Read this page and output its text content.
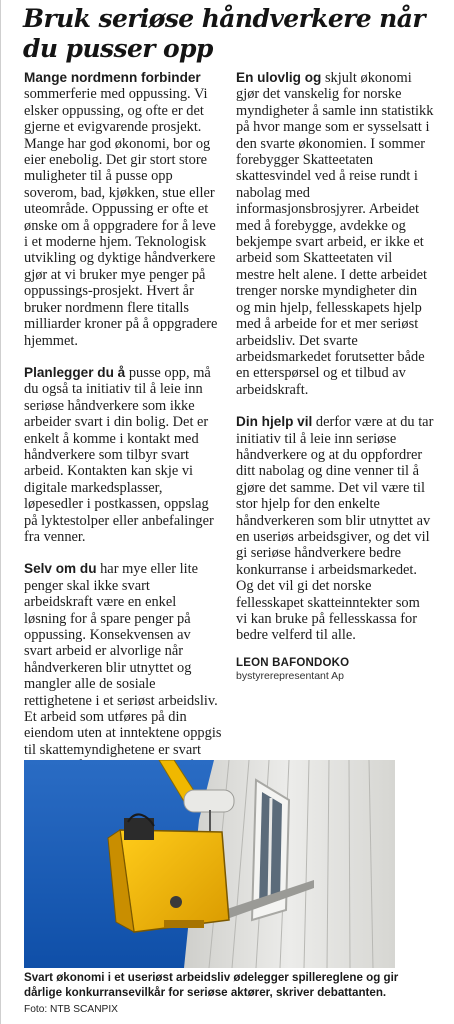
Bruk seriøse håndverkere når du pusser opp

Mange nordmenn forbinder sommerferie med oppussing. Vi elsker oppussing, og ofte er det gjerne et evigvarende prosjekt. Mange har god økonomi, bor og eier enebolig. Det gir stort store muligheter til å pusse opp soverom, bad, kjøkken, stue eller uteområde. Oppussing er ofte et ønske om å oppgradere for å leve i et moderne hjem. Teknologisk utvikling og dyktige håndverkere gjør at vi bruker mye penger på oppussings-prosjekt. Hvert år bruker nordmenn flere titalls milliarder kroner på å oppgradere hjemmet.

Planlegger du å pusse opp, må du også ta initiativ til å leie inn seriøse håndverkere som ikke arbeider svart i din bolig. Det er enkelt å komme i kontakt med håndverkere som tilbyr svart arbeid. Kontakten kan skje vi digitale markedsplasser, løpesedler i postkassen, oppslag på lyktestolper eller anbefalinger fra venner.

Selv om du har mye eller lite penger skal ikke svart arbeidskraft være en enkel løsning for å spare penger på oppussing. Konsekvensen av svart arbeid er alvorlige når håndverkeren blir utnyttet og mangler alle de sosiale rettighetene i et seriøst arbeidsliv. Et arbeid som utføres på din eiendom uten at inntektene oppgis til skattemyndighetene er svart

En ulovlig og skjult økonomi gjør det vanskelig for norske myndigheter å samle inn statistikk på hvor mange som er sysselsatt i den svarte økonomien. I sommer forebygger Skatteetaten skattesvindel ved å reise rundt i nabolag med informasjonsbrosjyrer. Arbeidet med å forebygge, avdekke og bekjempe svart arbeid, er ikke et arbeid som Skatteetaten vil mestre helt alene. I dette arbeidet trenger norske myndigheter din og min hjelp, fellesskapets hjelp med å arbeide for et mer seriøst arbeidsliv. Det svarte arbeidsmarkedet forutsetter både en etterspørsel og et tilbud av arbeidskraft.

Din hjelp vil derfor være at du tar initiativ til å leie inn seriøse håndverkere og at du oppfordrer ditt nabolag og dine venner til å gjøre det samme. Det vil være til stor hjelp for den enkelte håndverkeren som blir utnyttet av en useriøs arbeidsgiver, og det vil gi seriøse håndverkere bedre konkurranse i arbeidsmarkedet. Og det vil gi det norske fellesskapet skatteinntekter som vi kan bruke på fellesskassa for bedre velferd til alle.

LEON BAFONDOKO
bystyrerepresentant Ap

Svart økonomi i et useriøst arbeidsliv ødelegger spillereglene og gir dårlige konkurransevilkår for seriøse aktører, skriver debattanten.

Foto: NTB SCANPIX
